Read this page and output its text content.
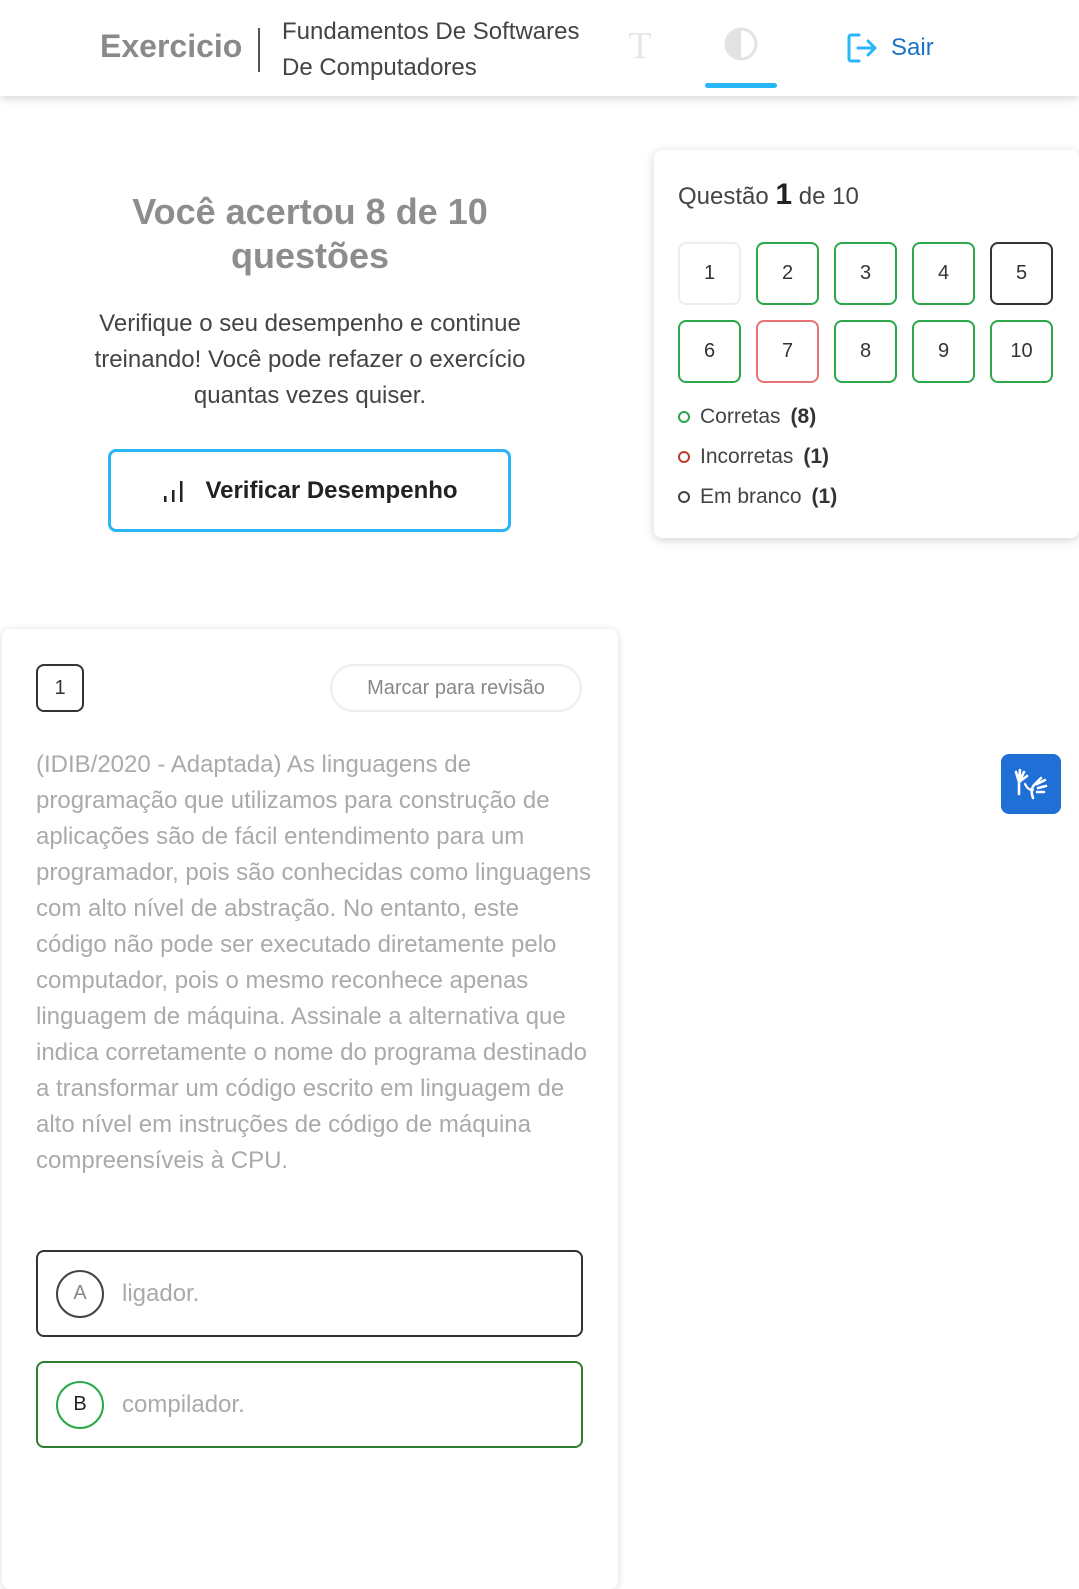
Exercicio Fundamentos De Softwares De Computadores
T	Sair
Você acertou 8 de 10 questões
Verifique o seu desempenho e continue treinando! Você pode refazer o exercício quantas vezes quiser.
Verificar Desempenho
Questão 1 de 10
1	2	3	4	5
6	7	8	9	10
Corretas (8)
Incorretas (1)
Em branco (1)
1	Marcar para revisão
(IDIB/2020 - Adaptada) As linguagens de programação que utilizamos para construção de aplicações são de fácil entendimento para um programador, pois são conhecidas como linguagens com alto nível de abstração. No entanto, este código não pode ser executado diretamente pelo computador, pois o mesmo reconhece apenas linguagem de máquina. Assinale a alternativa que indica corretamente o nome do programa destinado a transformar um código escrito em linguagem de alto nível em instruções de código de máquina compreensíveis à CPU.
A	ligador.
B	compilador.
